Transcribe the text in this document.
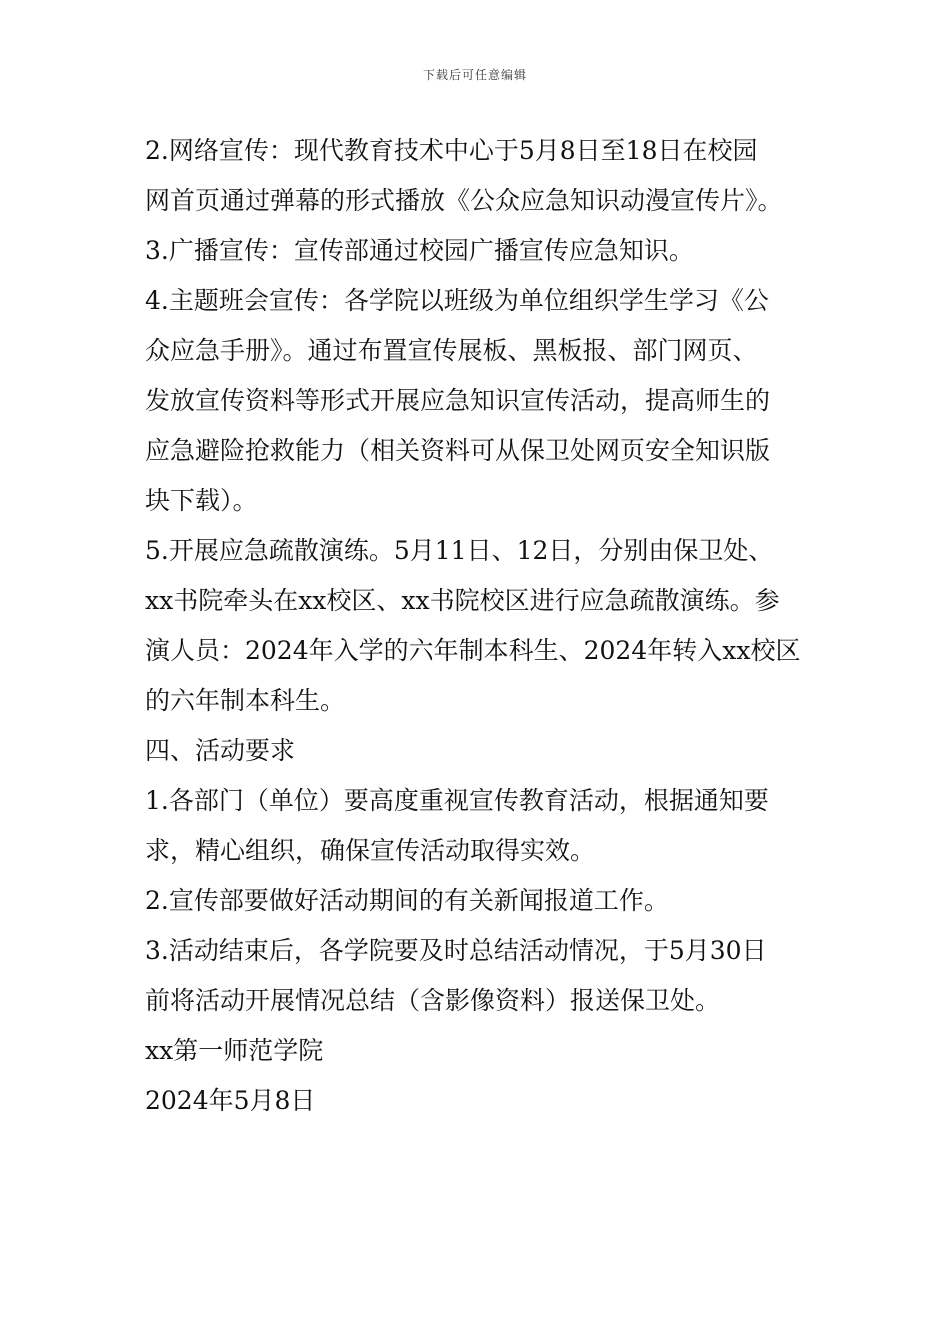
下载后可任意编辑
2.网络宣传：现代教育技术中心于5月8日至18日在校园
网首页通过弹幕的形式播放《公众应急知识动漫宣传片》。
3.广播宣传：宣传部通过校园广播宣传应急知识。
4.主题班会宣传：各学院以班级为单位组织学生学习《公
众应急手册》。通过布置宣传展板、黑板报、部门网页、
发放宣传资料等形式开展应急知识宣传活动，提高师生的
应急避险抢救能力（相关资料可从保卫处网页安全知识版
块下载）。
5.开展应急疏散演练。5月11日、12日，分别由保卫处、
xx书院牵头在xx校区、xx书院校区进行应急疏散演练。参
演人员：2024年入学的六年制本科生、2024年转入xx校区
的六年制本科生。
四、活动要求
1.各部门（单位）要高度重视宣传教育活动，根据通知要
求，精心组织，确保宣传活动取得实效。
2.宣传部要做好活动期间的有关新闻报道工作。
3.活动结束后，各学院要及时总结活动情况，于5月30日
前将活动开展情况总结（含影像资料）报送保卫处。
xx第一师范学院
2024年5月8日
